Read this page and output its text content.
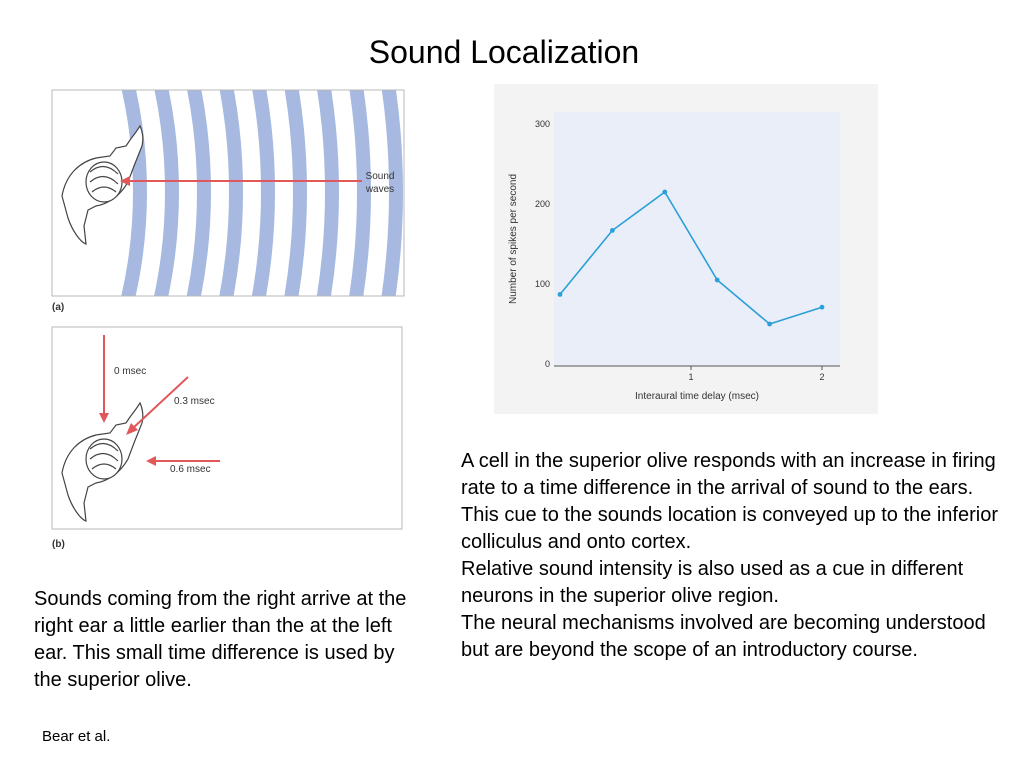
Sound Localization
Sound
waves
(a)
0 msec
0.3 msec
0.6 msec
(b)
0
100
200
300
1	2
Interaural time delay (msec)
Number of spikes per second

Sounds coming from the right arrive at the right ear a little earlier than the at the left ear. This small time difference is used by the superior olive.

A cell in the superior olive responds with an increase in firing rate to a time difference in the arrival of sound to the ears. This cue to the sounds location is conveyed up to the inferior colliculus and onto cortex.
Relative sound intensity is also used as a cue in different neurons in the superior olive region.
The neural mechanisms involved are becoming understood but are beyond the scope of an introductory course.
Bear et al.
